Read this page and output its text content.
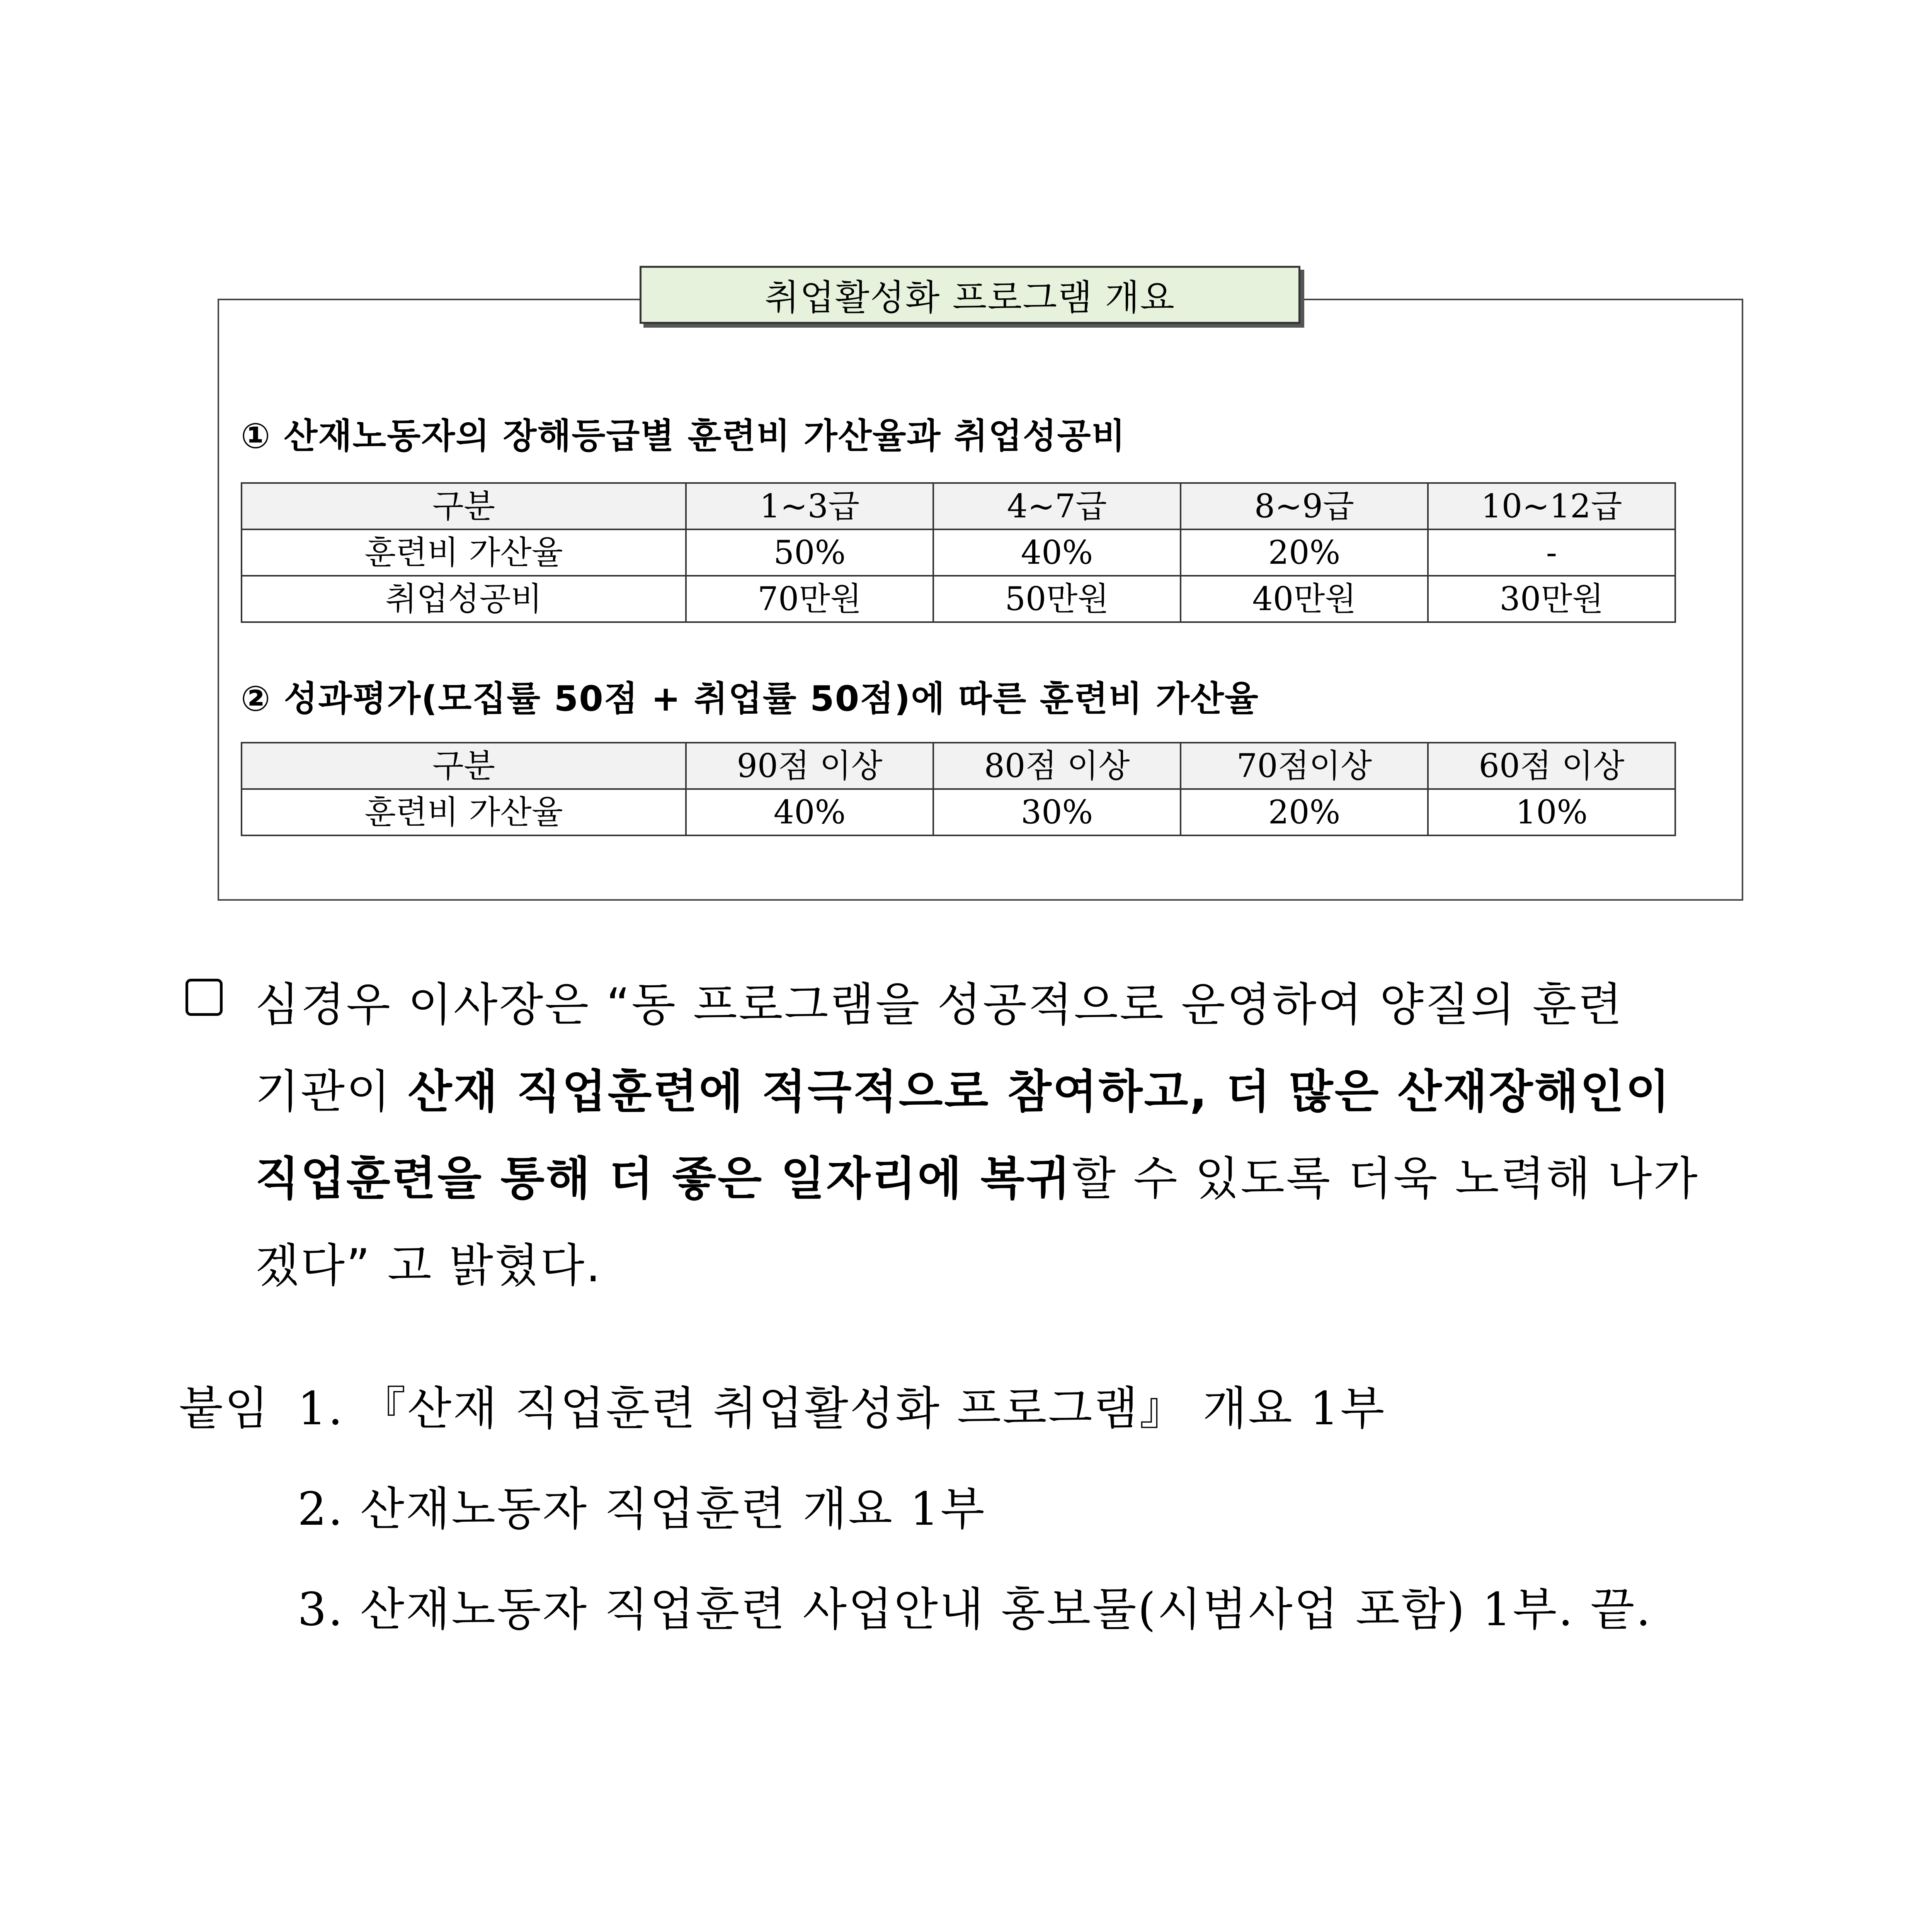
취업활성화 프로그램 개요
① 산재노동자의 장해등급별 훈련비 가산율과 취업성공비
구분	1~3급	4~7급	8~9급	10~12급
훈련비 가산율	50%	40%	20%	-
취업성공비	70만원	50만원	40만원	30만원
② 성과평가(모집률 50점 + 취업률 50점)에 따른 훈련비 가산율
구분	90점 이상	80점 이상	70점이상	60점 이상
훈련비 가산율	40%	30%	20%	10%
심경우 이사장은 “동 프로그램을 성공적으로 운영하여 양질의 훈련
기관이 산재 직업훈련에 적극적으로 참여하고, 더 많은 산재장해인이
직업훈련을 통해 더 좋은 일자리에 복귀할 수 있도록 더욱 노력해 나가
겠다” 고 밝혔다.
붙임 1. 『산재 직업훈련 취업활성화 프로그램』 개요 1부
2. 산재노동자 직업훈련 개요 1부
3. 산재노동자 직업훈련 사업안내 홍보물(시범사업 포함) 1부. 끝.
